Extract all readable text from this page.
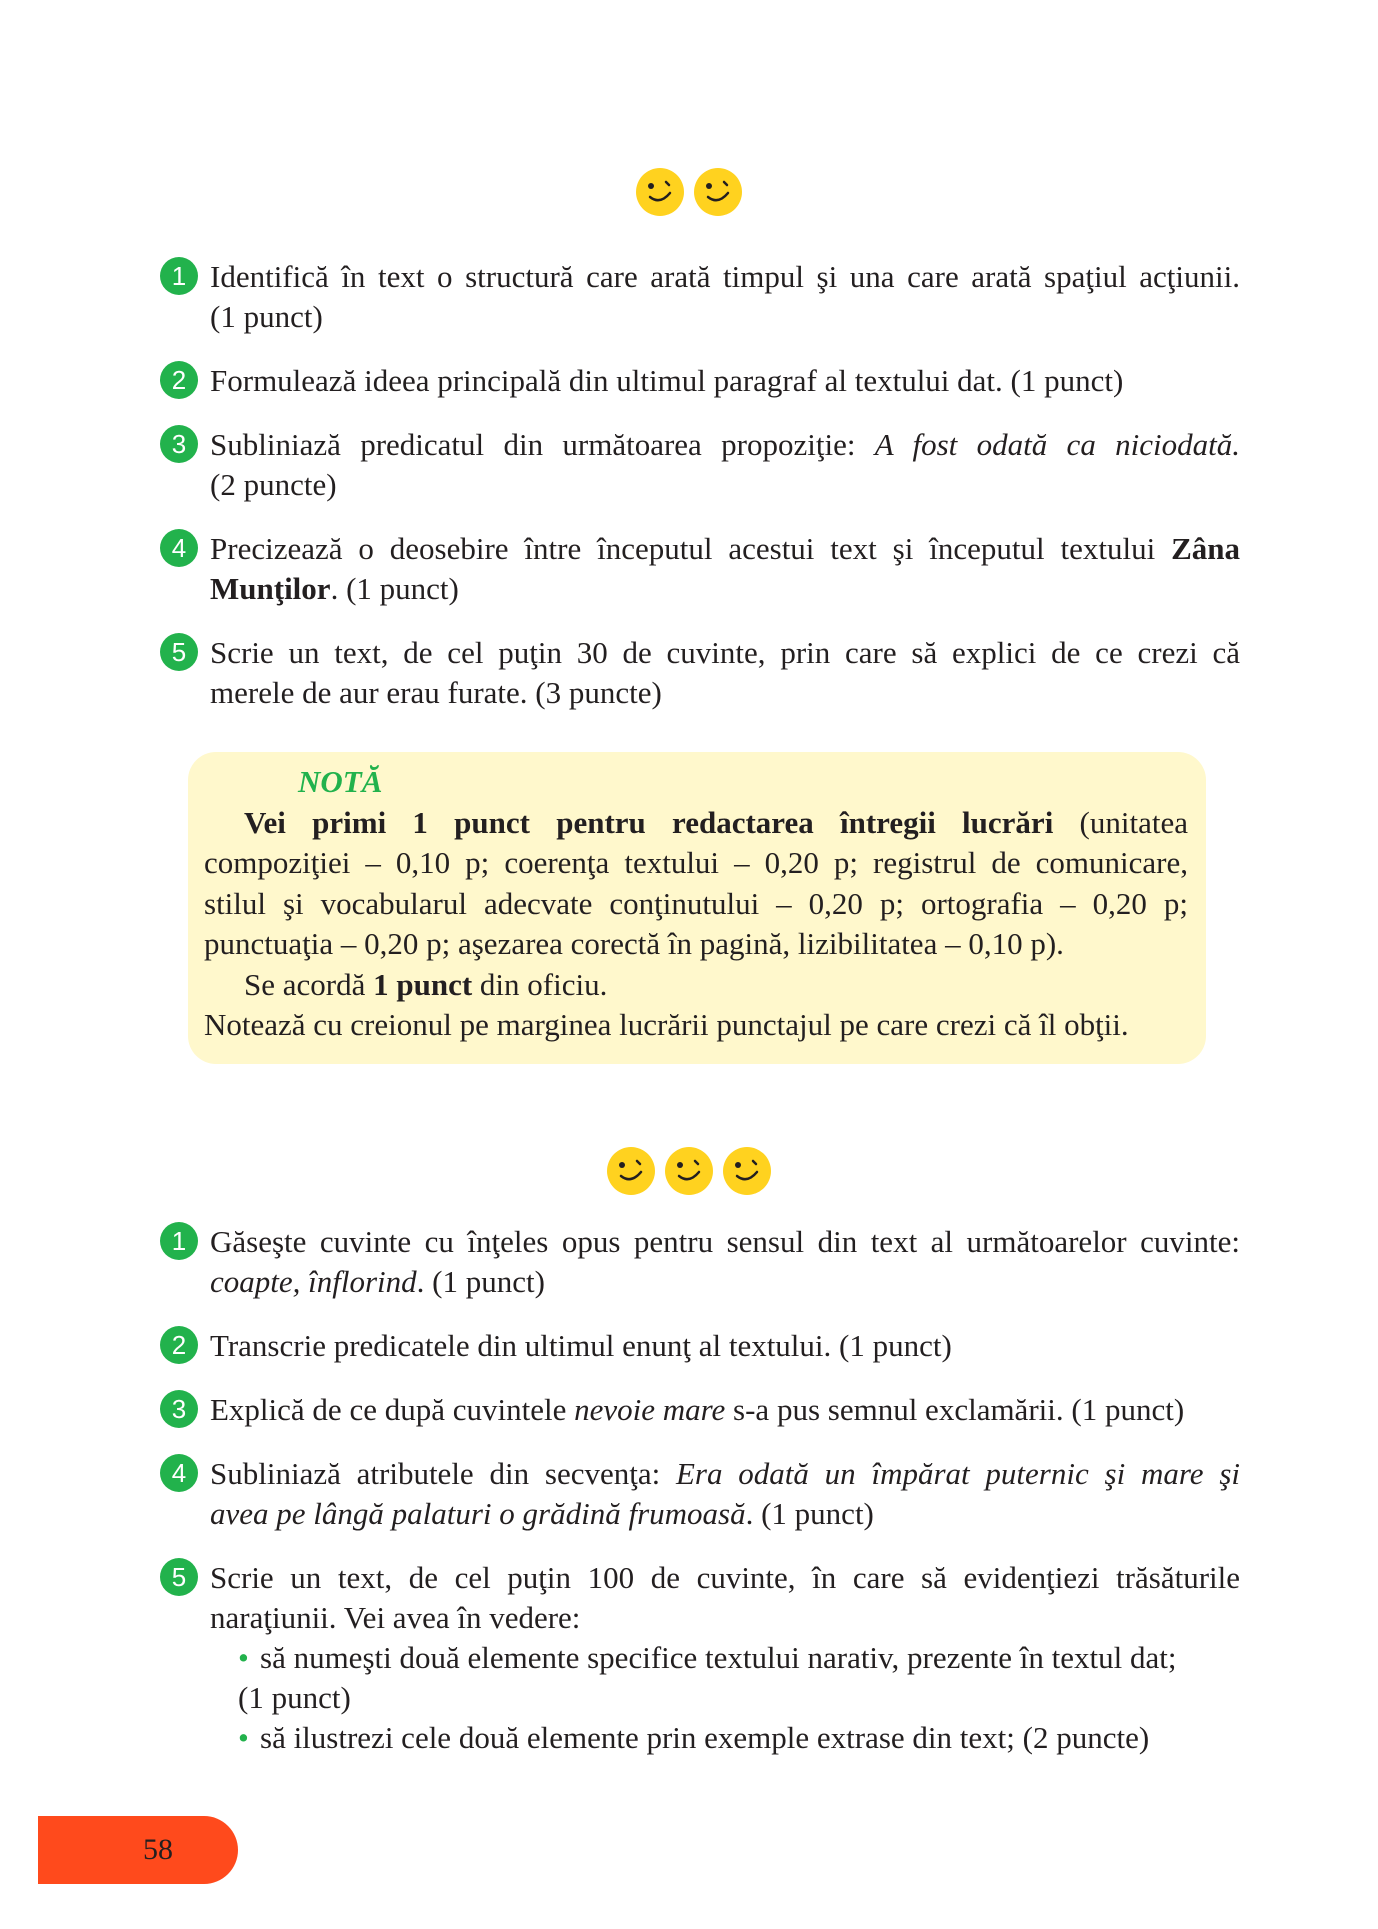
1 Identifică în text o structură care arată timpul şi una care arată spaţiul acţiunii.
(1 punct)
2 Formulează ideea principală din ultimul paragraf al textului dat. (1 punct)
3 Subliniază predicatul din următoarea propoziţie: A fost odată ca niciodată.
(2 puncte)
4 Precizează o deosebire între începutul acestui text şi începutul textului Zâna
Munţilor. (1 punct)
5 Scrie un text, de cel puţin 30 de cuvinte, prin care să explici de ce crezi că
merele de aur erau furate. (3 puncte)
NOTĂ
Vei primi 1 punct pentru redactarea întregii lucrări (unitatea
compoziţiei – 0,10 p; coerenţa textului – 0,20 p; registrul de comunicare,
stilul şi vocabularul adecvate conţinutului – 0,20 p; ortografia – 0,20 p;
punctuaţia – 0,20 p; aşezarea corectă în pagină, lizibilitatea – 0,10 p).
Se acordă 1 punct din oficiu.
Notează cu creionul pe marginea lucrării punctajul pe care crezi că îl obţii.
1 Găseşte cuvinte cu înţeles opus pentru sensul din text al următoarelor cuvinte:
coapte, înflorind. (1 punct)
2 Transcrie predicatele din ultimul enunţ al textului. (1 punct)
3 Explică de ce după cuvintele nevoie mare s-a pus semnul exclamării. (1 punct)
4 Subliniază atributele din secvenţa: Era odată un împărat puternic şi mare şi
avea pe lângă palaturi o grădină frumoasă. (1 punct)
5 Scrie un text, de cel puţin 100 de cuvinte, în care să evidenţiezi trăsăturile
naraţiunii. Vei avea în vedere:
• să numeşti două elemente specifice textului narativ, prezente în textul dat;
(1 punct)
• să ilustrezi cele două elemente prin exemple extrase din text; (2 puncte)
58
